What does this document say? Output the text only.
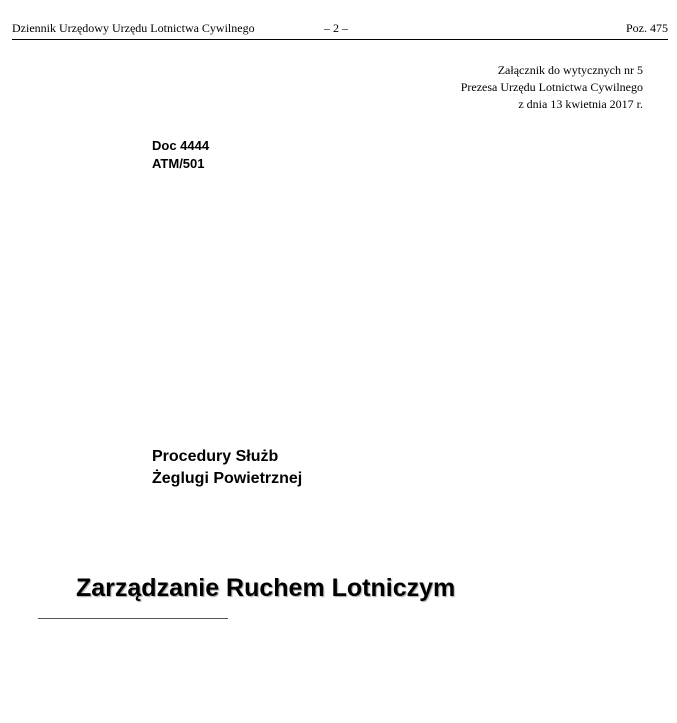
Dziennik Urzędowy Urzędu Lotnictwa Cywilnego	– 2 –	Poz. 475
Załącznik do wytycznych nr 5
Prezesa Urzędu Lotnictwa Cywilnego
z dnia 13 kwietnia 2017 r.
Doc 4444
ATM/501
Procedury Służb
Żeglugi Powietrznej
Zarządzanie Ruchem Lotniczym
